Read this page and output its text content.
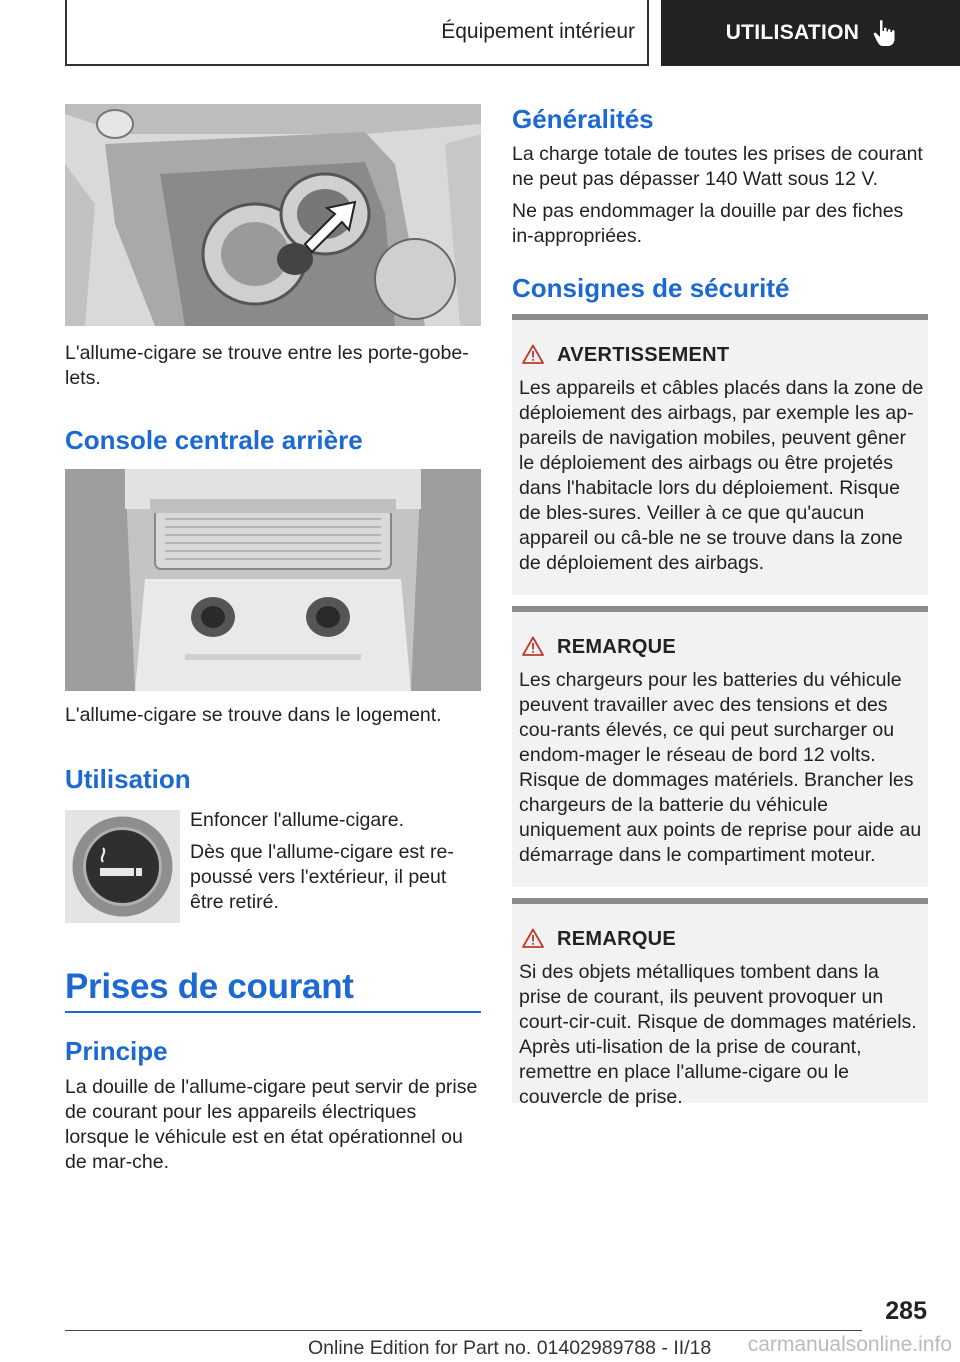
Équipement intérieur	UTILISATION
L'allume-cigare se trouve entre les porte-gobe-lets.
Console centrale arrière
L'allume-cigare se trouve dans le logement.
Utilisation
Enfoncer l'allume-cigare.
Dès que l'allume-cigare est re-poussé vers l'extérieur, il peut être retiré.
Prises de courant
Principe
La douille de l'allume-cigare peut servir de prise de courant pour les appareils électriques lorsque le véhicule est en état opérationnel ou de mar-che.
Généralités
La charge totale de toutes les prises de courant ne peut pas dépasser 140 Watt sous 12 V.
Ne pas endommager la douille par des fiches in-appropriées.
Consignes de sécurité
AVERTISSEMENT
Les appareils et câbles placés dans la zone de déploiement des airbags, par exemple les ap-pareils de navigation mobiles, peuvent gêner le déploiement des airbags ou être projetés dans l'habitacle lors du déploiement. Risque de bles-sures. Veiller à ce que qu'aucun appareil ou câ-ble ne se trouve dans la zone de déploiement des airbags.
REMARQUE
Les chargeurs pour les batteries du véhicule peuvent travailler avec des tensions et des cou-rants élevés, ce qui peut surcharger ou endom-mager le réseau de bord 12 volts. Risque de dommages matériels. Brancher les chargeurs de la batterie du véhicule uniquement aux points de reprise pour aide au démarrage dans le compartiment moteur.
REMARQUE
Si des objets métalliques tombent dans la prise de courant, ils peuvent provoquer un court-cir-cuit. Risque de dommages matériels. Après uti-lisation de la prise de courant, remettre en place l'allume-cigare ou le couvercle de prise.
285
Online Edition for Part no. 01402989788 - II/18 carmanualsonline.info
